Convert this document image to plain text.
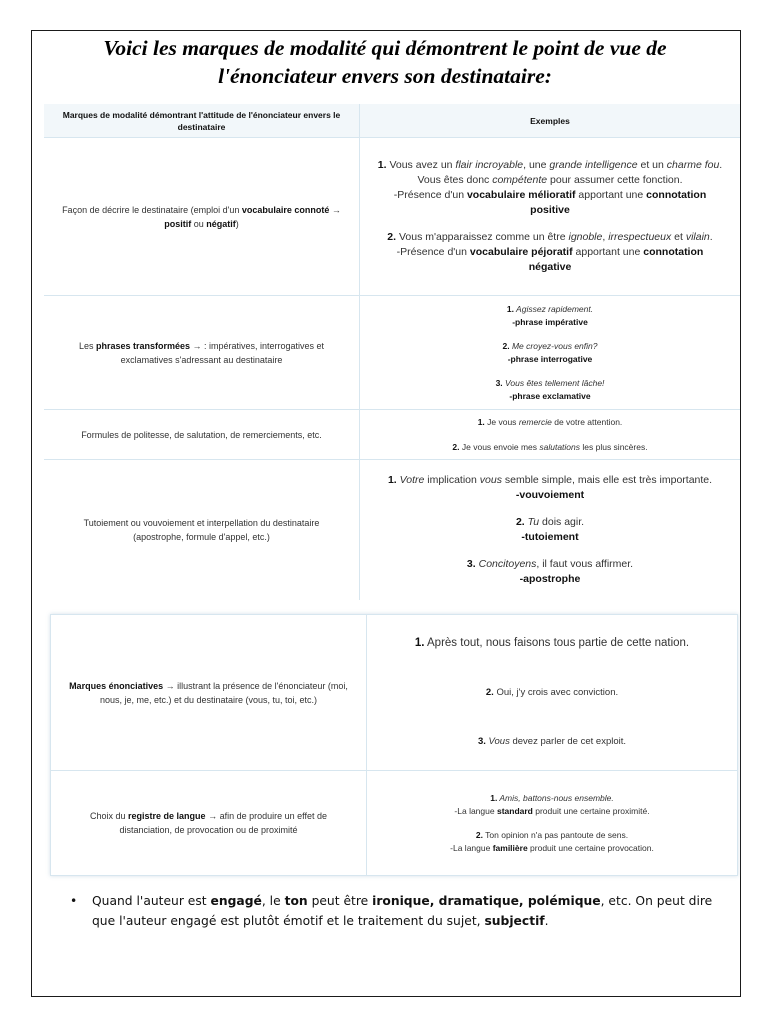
Voici les marques de modalité qui démontrent le point de vue de
l'énonciateur envers son destinataire:
Marques de modalité démontrant l'attitude de l'énonciateur envers le destinataire
Exemples
Façon de décrire le destinataire (emploi d'un vocabulaire connoté → positif ou négatif)
1. Vous avez un flair incroyable, une grande intelligence et un charme fou. Vous êtes donc compétente pour assumer cette fonction.
-Présence d'un vocabulaire mélioratif apportant une connotation positive
2. Vous m'apparaissez comme un être ignoble, irrespectueux et vilain.
-Présence d'un vocabulaire péjoratif apportant une connotation négative
Les phrases transformées → : impératives, interrogatives et exclamatives s'adressant au destinataire
1. Agissez rapidement.
-phrase impérative
2. Me croyez-vous enfin?
-phrase interrogative
3. Vous êtes tellement lâche!
-phrase exclamative
Formules de politesse, de salutation, de remerciements, etc.
1. Je vous remercie de votre attention.
2. Je vous envoie mes salutations les plus sincères.
Tutoiement ou vouvoiement et interpellation du destinataire (apostrophe, formule d'appel, etc.)
1. Votre implication vous semble simple, mais elle est très importante.
-vouvoiement
2. Tu dois agir.
-tutoiement
3. Concitoyens, il faut vous affirmer.
-apostrophe
Marques énonciatives → illustrant la présence de l'énonciateur (moi, nous, je, me, etc.) et du destinataire (vous, tu, toi, etc.)
1. Après tout, nous faisons tous partie de cette nation.
2. Oui, j'y crois avec conviction.
3. Vous devez parler de cet exploit.
Choix du registre de langue → afin de produire un effet de distanciation, de provocation ou de proximité
1. Amis, battons-nous ensemble.
-La langue standard produit une certaine proximité.
2. Ton opinion n'a pas pantoute de sens.
-La langue familière produit une certaine provocation.
• Quand l'auteur est engagé, le ton peut être ironique, dramatique, polémique, etc. On peut dire que l'auteur engagé est plutôt émotif et le traitement du sujet, subjectif.
